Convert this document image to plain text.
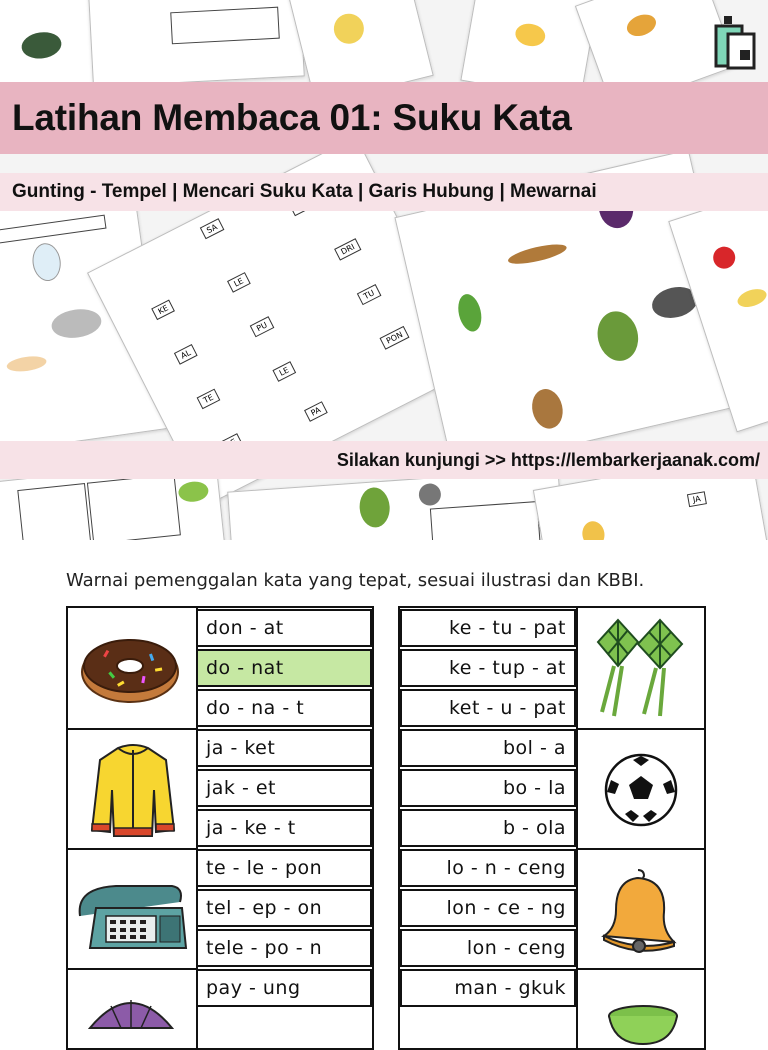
SA
KE
LE
DRI
AL
PU
TU
TE
LE
PON
PA
JA
Latihan Membaca 01: Suku Kata
Gunting - Tempel | Mencari Suku Kata | Garis Hubung | Mewarnai
Silakan kunjungi >> https://lembarkerjaanak.com/
Warnai pemenggalan kata yang tepat, sesuai ilustrasi dan KBBI.
don - at
do - nat
do - na - t
ja - ket
jak - et
ja - ke - t
te - le - pon
tel - ep - on
tele - po - n
pay - ung
ke - tu - pat
ke - tup - at
ket - u - pat
bol - a
bo - la
b - ola
lo - n - ceng
lon - ce - ng
lon - ceng
man - gkuk
